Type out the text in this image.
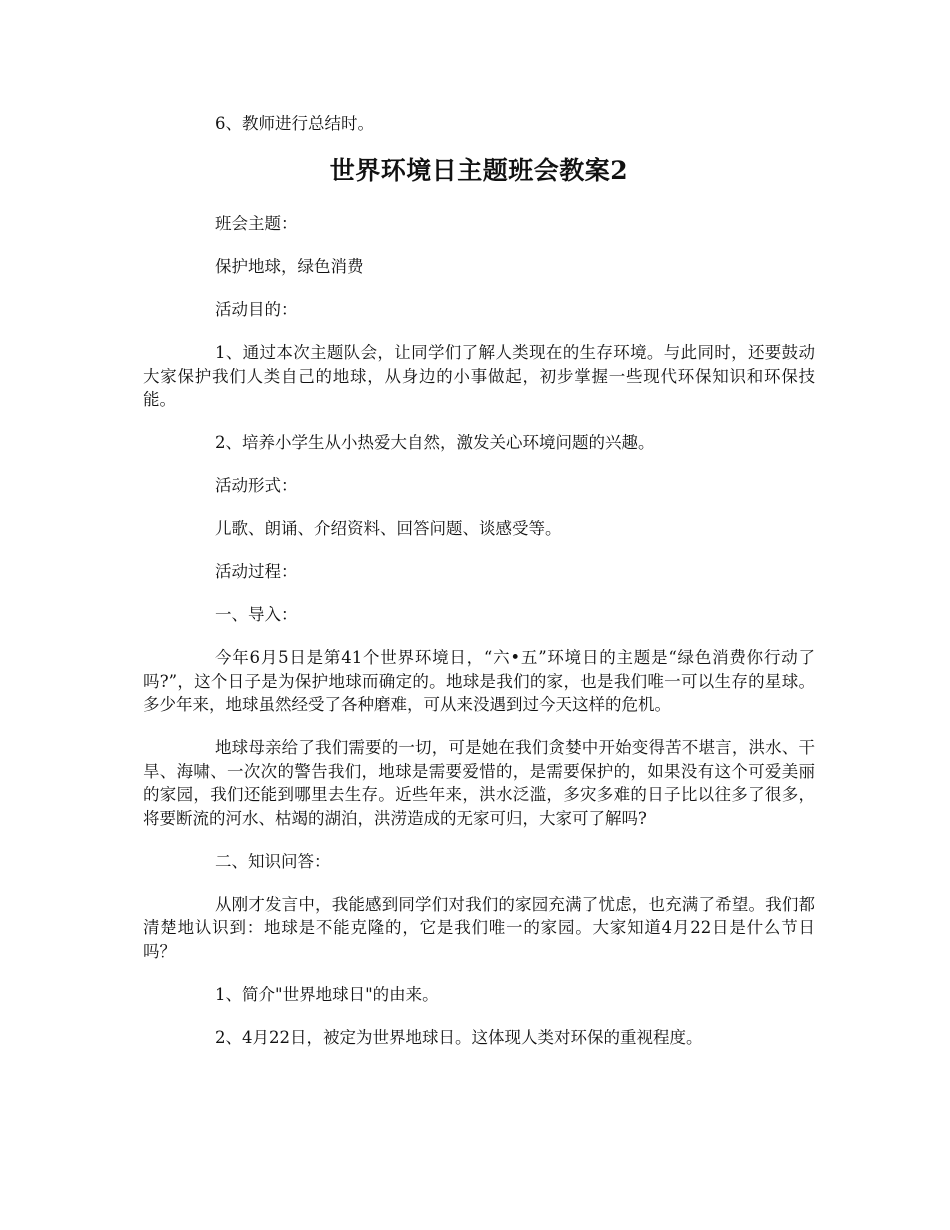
6、教师进行总结时。

世界环境日主题班会教案2

班会主题：

保护地球，绿色消费

活动目的：

1、通过本次主题队会，让同学们了解人类现在的生存环境。与此同时，还要鼓动大家保护我们人类自己的地球，从身边的小事做起，初步掌握一些现代环保知识和环保技能。

2、培养小学生从小热爱大自然，激发关心环境问题的兴趣。

活动形式：

儿歌、朗诵、介绍资料、回答问题、谈感受等。

活动过程：

一、导入：

今年6月5日是第41个世界环境日，“六•五”环境日的主题是“绿色消费你行动了吗?”，这个日子是为保护地球而确定的。地球是我们的家，也是我们唯一可以生存的星球。多少年来，地球虽然经受了各种磨难，可从来没遇到过今天这样的危机。

地球母亲给了我们需要的一切，可是她在我们贪婪中开始变得苦不堪言，洪水、干旱、海啸、一次次的警告我们，地球是需要爱惜的，是需要保护的，如果没有这个可爱美丽的家园，我们还能到哪里去生存。近些年来，洪水泛滥，多灾多难的日子比以往多了很多，将要断流的河水、枯竭的湖泊，洪涝造成的无家可归，大家可了解吗?

二、知识问答：

从刚才发言中，我能感到同学们对我们的家园充满了忧虑，也充满了希望。我们都清楚地认识到：地球是不能克隆的，它是我们唯一的家园。大家知道4月22日是什么节日吗？

1、简介"世界地球日"的由来。

2、4月22日，被定为世界地球日。这体现人类对环保的重视程度。
